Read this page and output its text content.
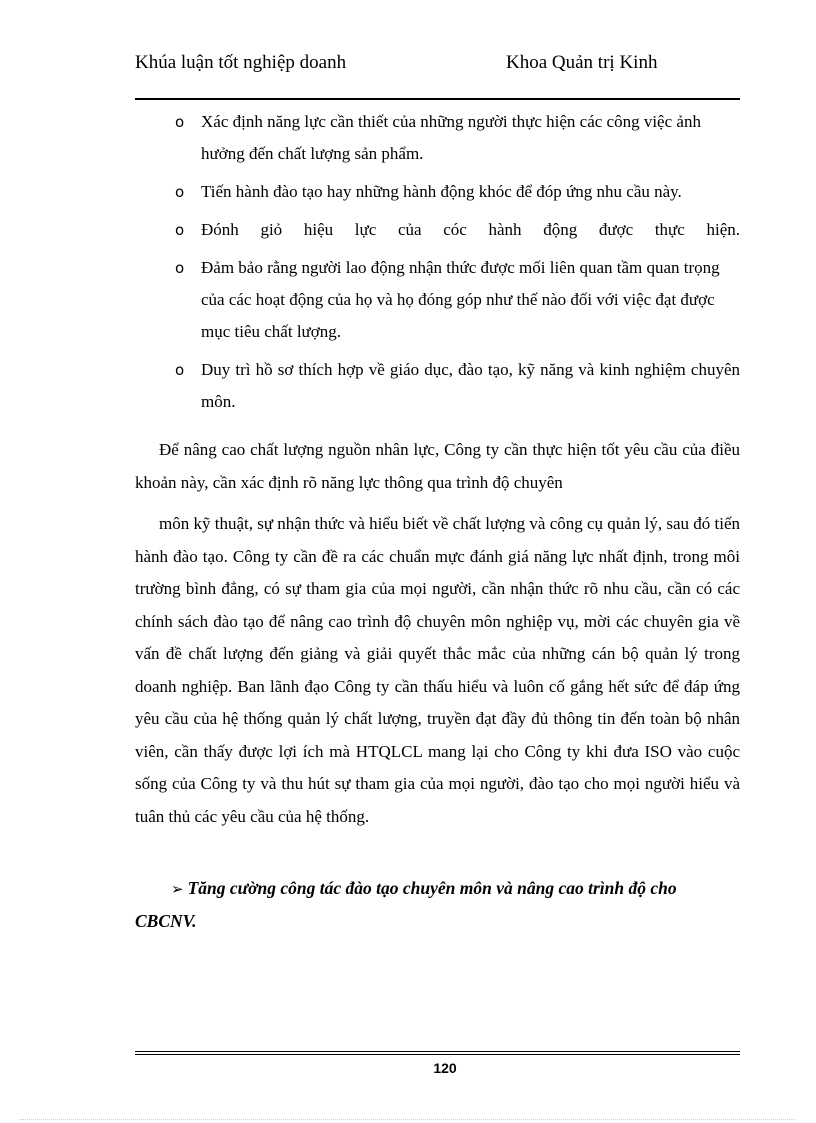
Khúa luận tốt nghiệp doanh	Khoa Quản trị Kinh
o Xác định năng lực cần thiết của những người thực hiện các công việc ảnh hưởng đến chất lượng sản phẩm.
o Tiến hành đào tạo hay những hành động khóc để đóp ứng nhu cầu này.
o Đónh giỏ hiệu lực của cóc hành động được thực hiện.
o Đảm bảo rằng người lao động nhận thức được mối liên quan tầm quan trọng của các hoạt động của họ và họ đóng góp như thế nào đối với việc đạt được mục tiêu chất lượng.
o Duy trì hồ sơ thích hợp về giáo dục, đào tạo, kỹ năng và kinh nghiệm chuyên môn.
Để nâng cao chất lượng nguồn nhân lực, Công ty cần thực hiện tốt yêu cầu của điều khoản này, cần xác định rõ năng lực thông qua trình độ chuyên
môn kỹ thuật, sự nhận thức và hiểu biết về chất lượng và công cụ quản lý, sau đó tiến hành đào tạo. Công ty cần đề ra các chuẩn mực đánh giá năng lực nhất định, trong môi trường bình đẳng, có sự tham gia của mọi người, cần nhận thức rõ nhu cầu, cần có các chính sách đào tạo để nâng cao trình độ chuyên môn nghiệp vụ, mời các chuyên gia về vấn đề chất lượng đến giảng và giải quyết thắc mắc của những cán bộ quản lý trong doanh nghiệp. Ban lãnh đạo Công ty cần thấu hiểu và luôn cố gắng hết sức để đáp ứng yêu cầu của hệ thống quản lý chất lượng, truyền đạt đầy đủ thông tin đến toàn bộ nhân viên, cần thấy được lợi ích mà HTQLCL mang lại cho Công ty khi đưa ISO vào cuộc sống của Công ty và thu hút sự tham gia của mọi người, đào tạo cho mọi người hiểu và tuân thủ các yêu cầu của hệ thống.
➢ Tăng cường công tác đào tạo chuyên môn và nâng cao trình độ cho CBCNV.
120
